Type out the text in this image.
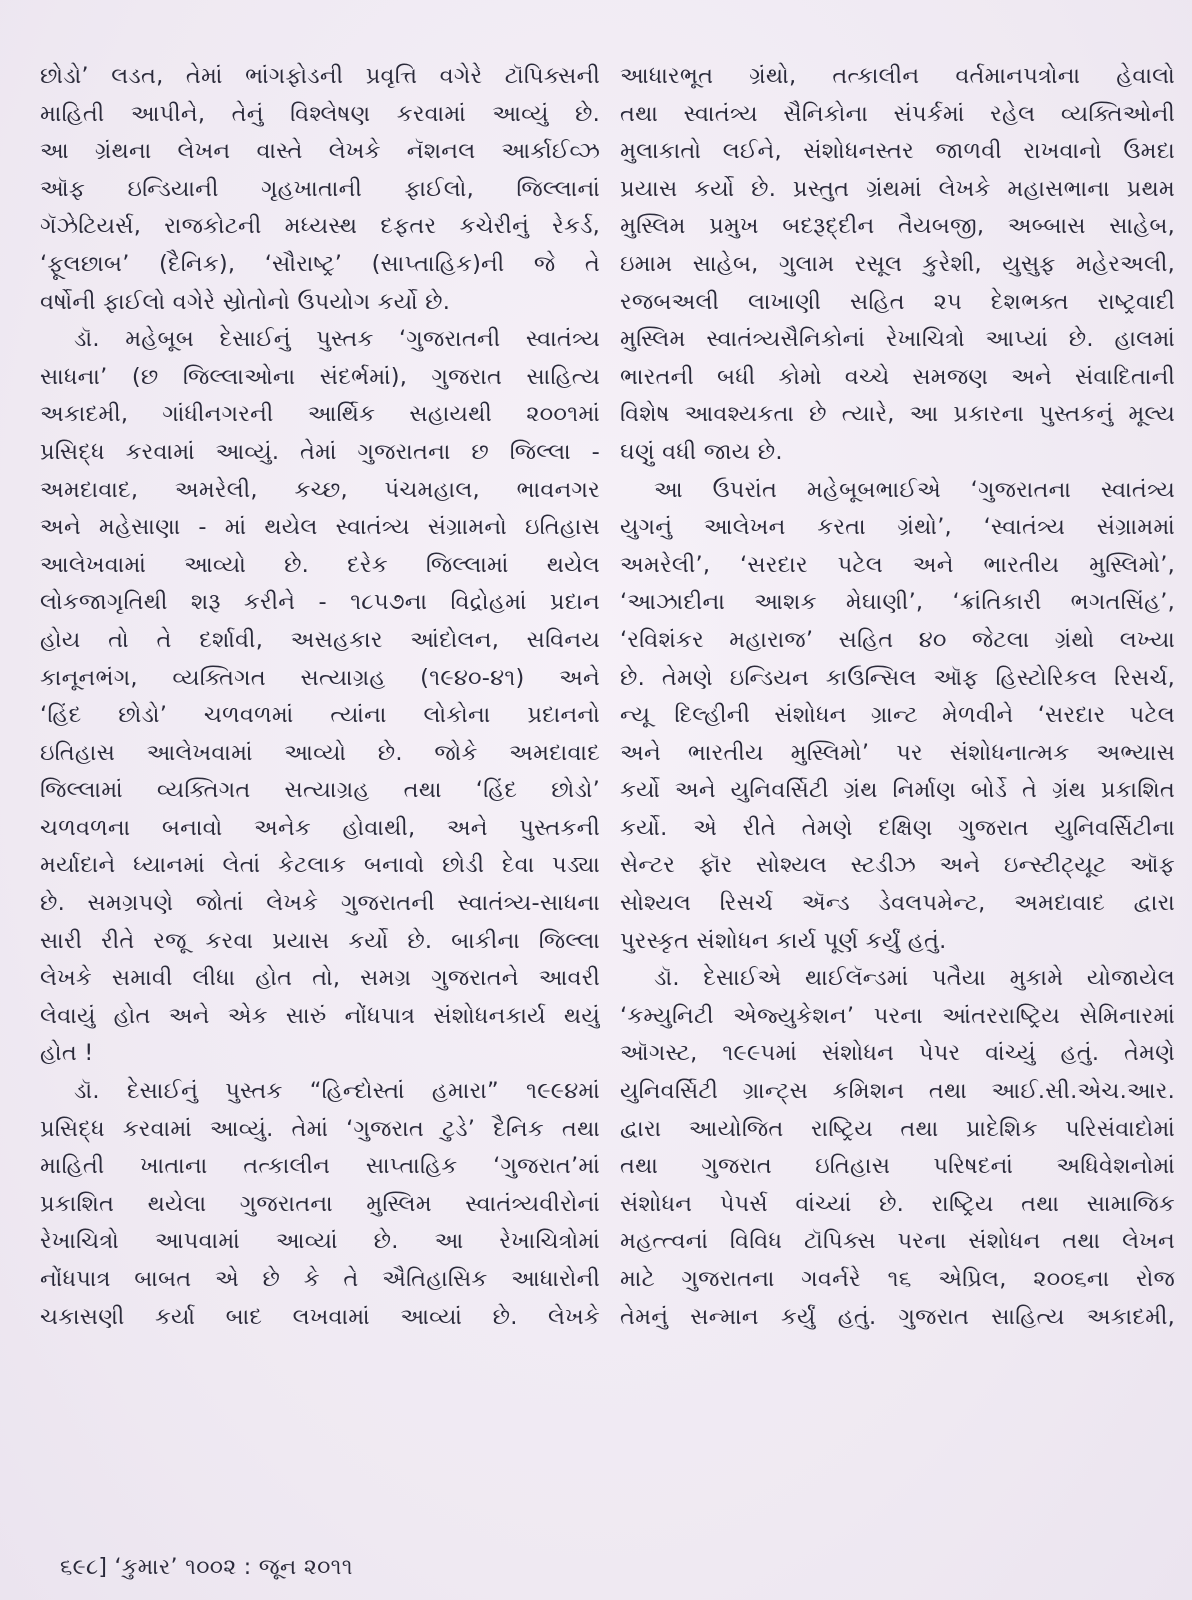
છોડો’ લડત, તેમાં ભાંગફોડની પ્રવૃત્તિ વગેરે ટૉપિક્સની
માહિતી આપીને, તેનું વિશ્લેષણ કરવામાં આવ્યું છે.
આ ગ્રંથના લેખન વાસ્તે લેખકે નૅશનલ આર્કાઈવ્ઝ
ઑફ ઇન્ડિયાની ગૃહખાતાની ફાઈલો, જિલ્લાનાં
ગૅઝેટિયર્સ, રાજકોટની મધ્યસ્થ દફતર કચેરીનું રેકર્ડ,
‘ફૂલછાબ’ (દૈનિક), ‘સૌરાષ્ટ્ર’ (સાપ્તાહિક)ની જે તે
વર્ષોની ફાઈલો વગેરે સ્રોતોનો ઉપયોગ કર્યો છે.
ડૉ. મહેબૂબ દેસાઈનું પુસ્તક ‘ગુજરાતની સ્વાતંત્ર્ય
સાધના’ (છ જિલ્લાઓના સંદર્ભમાં), ગુજરાત સાહિત્ય
અકાદમી, ગાંધીનગરની આર્થિક સહાયથી ૨૦૦૧માં
પ્રસિદ્ધ કરવામાં આવ્યું. તેમાં ગુજરાતના છ જિલ્લા -
અમદાવાદ, અમરેલી, કચ્છ, પંચમહાલ, ભાવનગર
અને મહેસાણા - માં થયેલ સ્વાતંત્ર્ય સંગ્રામનો ઇતિહાસ
આલેખવામાં આવ્યો છે. દરેક જિલ્લામાં થયેલ
લોકજાગૃતિથી શરૂ કરીને - ૧૮૫૭ના વિદ્રોહમાં પ્રદાન
હોય તો તે દર્શાવી, અસહકાર આંદોલન, સવિનય
કાનૂનભંગ, વ્યક્તિગત સત્યાગ્રહ (૧૯૪૦-૪૧) અને
‘હિંદ છોડો’ ચળવળમાં ત્યાંના લોકોના પ્રદાનનો
ઇતિહાસ આલેખવામાં આવ્યો છે. જોકે અમદાવાદ
જિલ્લામાં વ્યક્તિગત સત્યાગ્રહ તથા ‘હિંદ છોડો’
ચળવળના બનાવો અનેક હોવાથી, અને પુસ્તકની
મર્યાદાને ધ્યાનમાં લેતાં કેટલાક બનાવો છોડી દેવા પડ્યા
છે. સમગ્રપણે જોતાં લેખકે ગુજરાતની સ્વાતંત્ર્ય-સાધના
સારી રીતે રજૂ કરવા પ્રયાસ કર્યો છે. બાકીના જિલ્લા
લેખકે સમાવી લીધા હોત તો, સમગ્ર ગુજરાતને આવરી
લેવાયું હોત અને એક સારું નોંધપાત્ર સંશોધનકાર્ય થયું
હોત !
ડૉ. દેસાઈનું પુસ્તક “હિન્દોસ્તાં હમારા” ૧૯૯૪માં
પ્રસિદ્ધ કરવામાં આવ્યું. તેમાં ‘ગુજરાત ટુડે’ દૈનિક તથા
માહિતી ખાતાના તત્કાલીન સાપ્તાહિક ‘ગુજરાત’માં
પ્રકાશિત થયેલા ગુજરાતના મુસ્લિમ સ્વાતંત્ર્યવીરોનાં
રેખાચિત્રો આપવામાં આવ્યાં છે. આ રેખાચિત્રોમાં
નોંધપાત્ર બાબત એ છે કે તે ઐતિહાસિક આધારોની
ચકાસણી કર્યા બાદ લખવામાં આવ્યાં છે. લેખકે
આધારભૂત ગ્રંથો, તત્કાલીન વર્તમાનપત્રોના હેવાલો
તથા સ્વાતંત્ર્ય સૈનિકોના સંપર્કમાં રહેલ વ્યક્તિઓની
મુલાકાતો લઈને, સંશોધનસ્તર જાળવી રાખવાનો ઉમદા
પ્રયાસ કર્યો છે. પ્રસ્તુત ગ્રંથમાં લેખકે મહાસભાના પ્રથમ
મુસ્લિમ પ્રમુખ બદરૂદ્દીન તૈયબજી, અબ્બાસ સાહેબ,
ઇમામ સાહેબ, ગુલામ રસૂલ કુરેશી, યુસુફ મહેરઅલી,
રજબઅલી લાખાણી સહિત ૨૫ દેશભક્ત રાષ્ટ્રવાદી
મુસ્લિમ સ્વાતંત્ર્યસૈનિકોનાં રેખાચિત્રો આપ્યાં છે. હાલમાં
ભારતની બધી કોમો વચ્ચે સમજણ અને સંવાદિતાની
વિશેષ આવશ્યકતા છે ત્યારે, આ પ્રકારના પુસ્તકનું મૂલ્ય
ઘણું વધી જાય છે.
આ ઉપરાંત મહેબૂબભાઈએ ‘ગુજરાતના સ્વાતંત્ર્ય
યુગનું આલેખન કરતા ગ્રંથો’, ‘સ્વાતંત્ર્ય સંગ્રામમાં
અમરેલી’, ‘સરદાર પટેલ અને ભારતીય મુસ્લિમો’,
‘આઝાદીના આશક મેઘાણી’, ‘ક્રાંતિકારી ભગતસિંહ’,
‘રવિશંકર મહારાજ’ સહિત ૪૦ જેટલા ગ્રંથો લખ્યા
છે. તેમણે ઇન્ડિયન કાઉન્સિલ ઑફ હિસ્ટોરિકલ રિસર્ચ,
ન્યૂ દિલ્હીની સંશોધન ગ્રાન્ટ મેળવીને ‘સરદાર પટેલ
અને ભારતીય મુસ્લિમો’ પર સંશોધનાત્મક અભ્યાસ
કર્યો અને યુનિવર્સિટી ગ્રંથ નિર્માણ બોર્ડે તે ગ્રંથ પ્રકાશિત
કર્યો. એ રીતે તેમણે દક્ષિણ ગુજરાત યુનિવર્સિટીના
સેન્ટર ફૉર સોશ્યલ સ્ટડીઝ અને ઇન્સ્ટીટ્યૂટ ઑફ
સોશ્યલ રિસર્ચ ઍન્ડ ડેવલપમેન્ટ, અમદાવાદ દ્વારા
પુરસ્કૃત સંશોધન કાર્ય પૂર્ણ કર્યું હતું.
ડૉ. દેસાઈએ થાઈલૅન્ડમાં પતૈયા મુકામે યોજાયેલ
‘કમ્યુનિટી એજ્યુકેશન’ પરના આંતરરાષ્ટ્રિય સેમિનારમાં
ઑગસ્ટ, ૧૯૯૫માં સંશોધન પેપર વાંચ્યું હતું. તેમણે
યુનિવર્સિટી ગ્રાન્ટ્સ કમિશન તથા આઈ.સી.એચ.આર.
દ્વારા આયોજિત રાષ્ટ્રિય તથા પ્રાદેશિક પરિસંવાદોમાં
તથા ગુજરાત ઇતિહાસ પરિષદનાં અધિવેશનોમાં
સંશોધન પેપર્સ વાંચ્યાં છે. રાષ્ટ્રિય તથા સામાજિક
મહત્ત્વનાં વિવિધ ટૉપિક્સ પરના સંશોધન તથા લેખન
માટે ગુજરાતના ગવર્નરે ૧૬ એપ્રિલ, ૨૦૦૬ના રોજ
તેમનું સન્માન કર્યું હતું. ગુજરાત સાહિત્ય અકાદમી,
૬૯૮] ‘કુમાર’ ૧૦૦૨ : જૂન ૨૦૧૧
